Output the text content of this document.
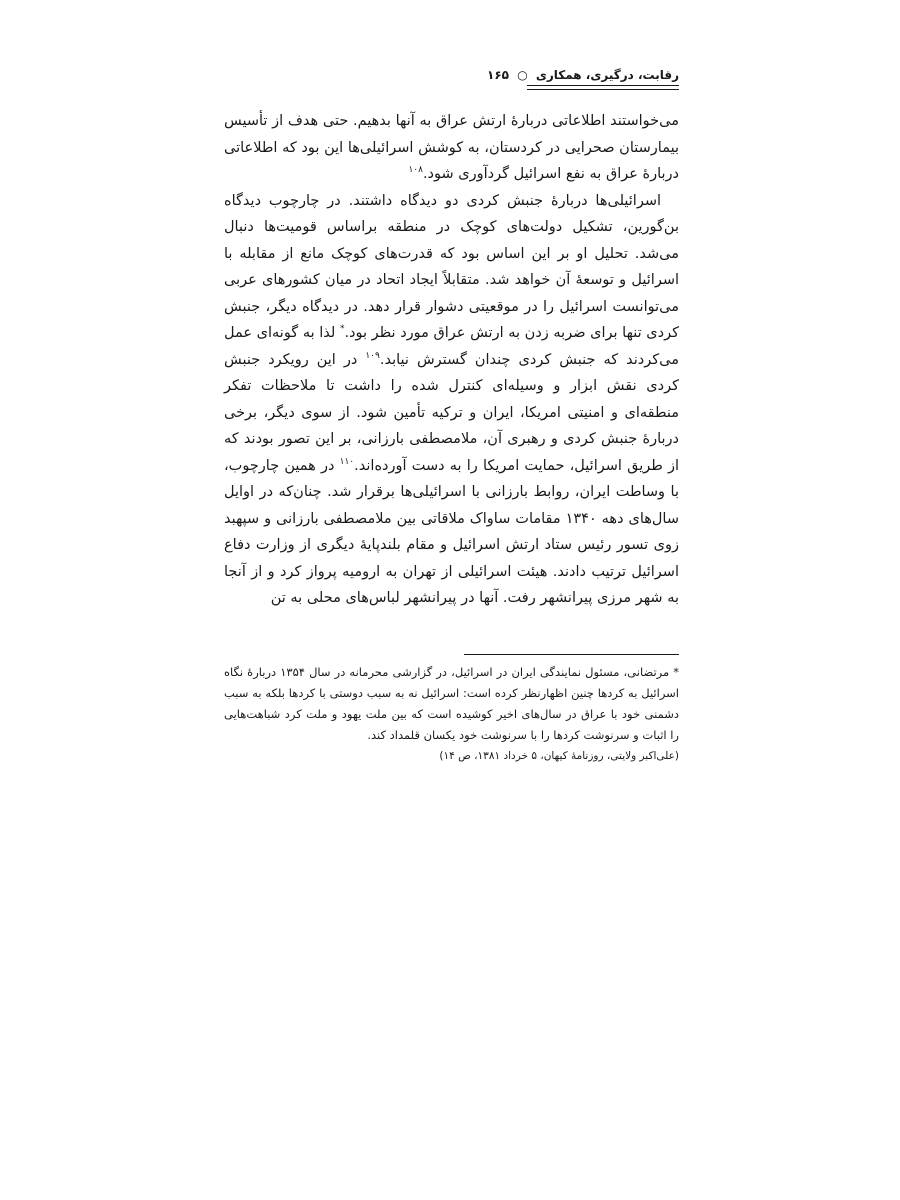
رقابت، درگیری، همکاری ○ ۱۶۵

می‌خواستند اطلاعاتی دربارهٔ ارتش عراق به آنها بدهیم. حتی هدف از تأسیس بیمارستان صحرایی در کردستان، به کوشش اسرائیلی‌ها این بود که اطلاعاتی دربارهٔ عراق به نفع اسرائیل گردآوری شود.$^{۱۰۸}$

اسرائیلی‌ها دربارهٔ جنبش کردی دو دیدگاه داشتند. در چارچوب دیدگاه بن‌گورین، تشکیل دولت‌های کوچک در منطقه براساس قومیت‌ها دنبال می‌شد. تحلیل او بر این اساس بود که قدرت‌های کوچک مانع از مقابله با اسرائیل و توسعهٔ آن خواهد شد. متقابلاً ایجاد اتحاد در میان کشورهای عربی می‌توانست اسرائیل را در موقعیتی دشوار قرار دهد. در دیدگاه دیگر، جنبش کردی تنها برای ضربه زدن به ارتش عراق مورد نظر بود.* لذا به گونه‌ای عمل می‌کردند که جنبش کردی چندان گسترش نیابد.$^{۱۰۹}$ در این رویکرد جنبش کردی نقش ابزار و وسیله‌ای کنترل شده را داشت تا ملاحظات تفکر منطقه‌ای و امنیتی امریکا، ایران و ترکیه تأمین شود. از سوی دیگر، برخی دربارهٔ جنبش کردی و رهبری آن، ملامصطفی بارزانی، بر این تصور بودند که از طریق اسرائیل، حمایت امریکا را به دست آورده‌اند.$^{۱۱۰}$ در همین چارچوب، با وساطت ایران، روابط بارزانی با اسرائیلی‌ها برقرار شد. چنان‌که در اوایل سال‌های دهه ۱۳۴۰ مقامات ساواک ملاقاتی بین ملامصطفی بارزانی و سپهبد زوی تسور رئیس ستاد ارتش اسرائیل و مقام بلندپایهٔ دیگری از وزارت دفاع اسرائیل ترتیب دادند. هیئت اسرائیلی از تهران به ارومیه پرواز کرد و از آنجا به شهر مرزی پیرانشهر رفت. آنها در پیرانشهر لباس‌های محلی به تن

* مرتضانی، مسئول نمایندگی ایران در اسرائیل، در گزارشی محرمانه در سال ۱۳۵۴ دربارهٔ نگاه اسرائیل به کردها چنین اظهارنظر کرده است: اسرائیل نه به سبب دوستی با کردها بلکه به سبب دشمنی خود با عراق در سال‌های اخیر کوشیده است که بین ملت یهود و ملت کرد شباهت‌هایی را اثبات و سرنوشت کردها را با سرنوشت خود یکسان قلمداد کند.

(علی‌اکبر ولایتی، روزنامهٔ کیهان، ۵ خرداد ۱۳۸۱، ص ۱۴)
